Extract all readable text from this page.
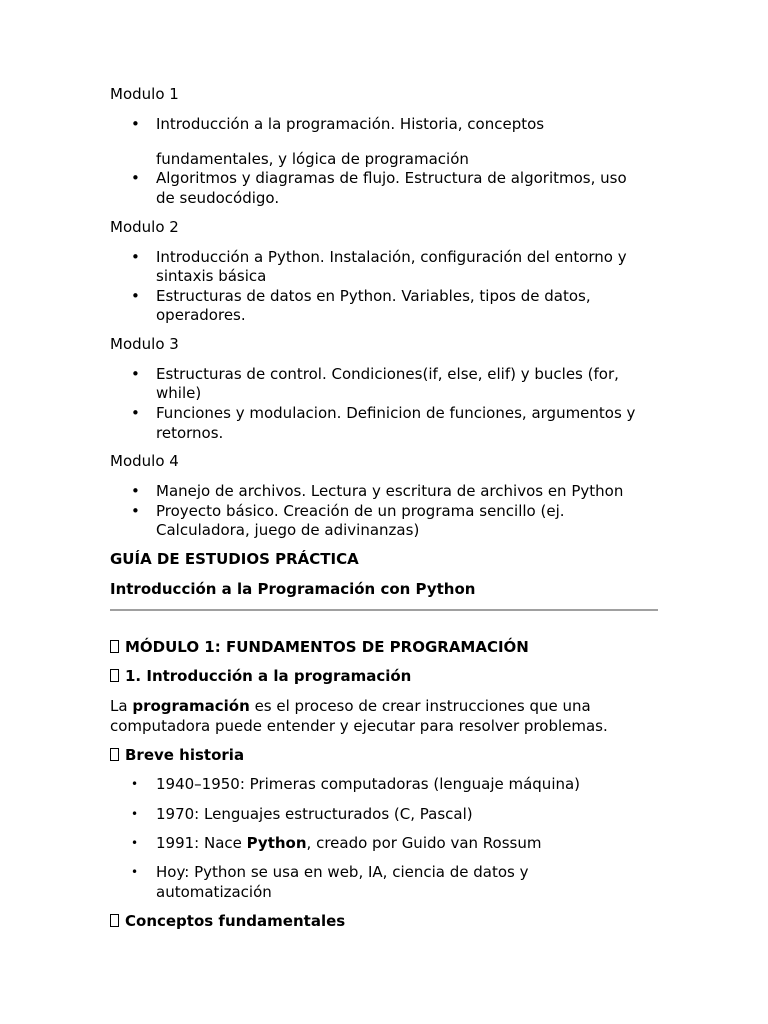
Modulo 1
• Introducción a la programación. Historia, conceptos
fundamentales, y lógica de programación
• Algoritmos y diagramas de flujo. Estructura de algoritmos, uso
de seudocódigo.
Modulo 2
• Introducción a Python. Instalación, configuración del entorno y
sintaxis básica
• Estructuras de datos en Python. Variables, tipos de datos,
operadores.
Modulo 3
• Estructuras de control. Condiciones(if, else, elif) y bucles (for,
while)
• Funciones y modulacion. Definicion de funciones, argumentos y
retornos.
Modulo 4
• Manejo de archivos. Lectura y escritura de archivos en Python
• Proyecto básico. Creación de un programa sencillo (ej.
Calculadora, juego de adivinanzas)
GUÍA DE ESTUDIOS PRÁCTICA
Introducción a la Programación con Python
MÓDULO 1: FUNDAMENTOS DE PROGRAMACIÓN
1. Introducción a la programación
La programación es el proceso de crear instrucciones que una
computadora puede entender y ejecutar para resolver problemas.
Breve historia
• 1940–1950: Primeras computadoras (lenguaje máquina)
• 1970: Lenguajes estructurados (C, Pascal)
• 1991: Nace Python, creado por Guido van Rossum
• Hoy: Python se usa en web, IA, ciencia de datos y
automatización
Conceptos fundamentales
